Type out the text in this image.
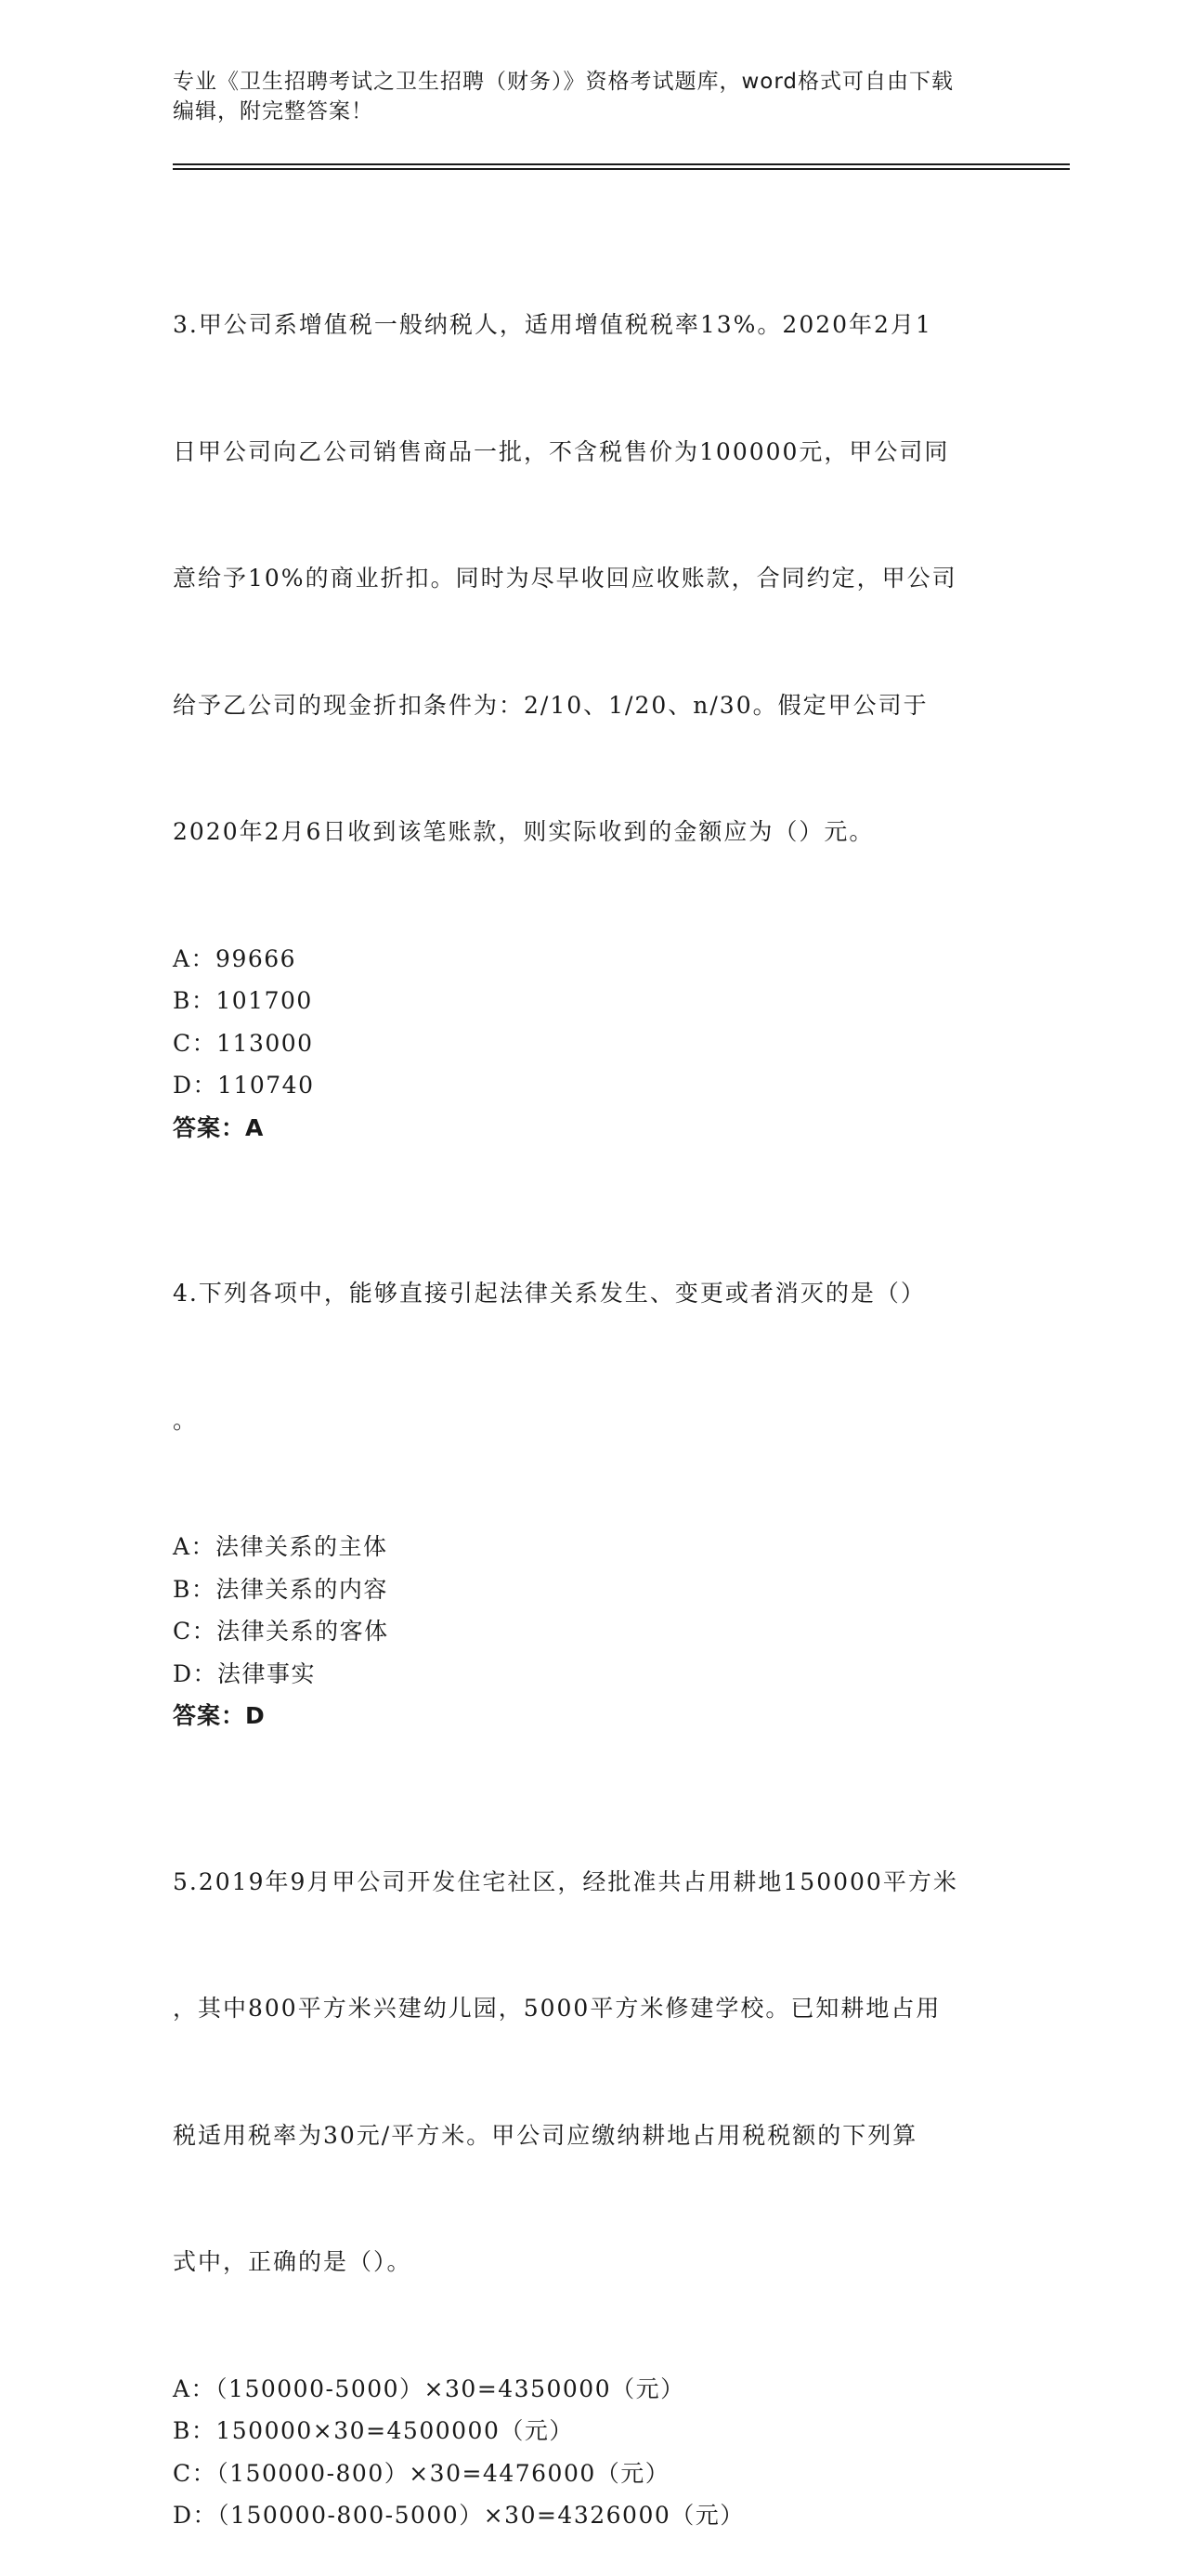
专业《卫生招聘考试之卫生招聘（财务）》资格考试题库，word格式可自由下载
编辑，附完整答案！

3.甲公司系增值税一般纳税人，适用增值税税率13%。2020年2月1

日甲公司向乙公司销售商品一批，不含税售价为100000元，甲公司同

意给予10%的商业折扣。同时为尽早收回应收账款，合同约定，甲公司

给予乙公司的现金折扣条件为：2/10、1/20、n/30。假定甲公司于

2020年2月6日收到该笔账款，则实际收到的金额应为（）元。

A：99666

B：101700

C：113000

D：110740

答案：A

4.下列各项中，能够直接引起法律关系发生、变更或者消灭的是（）

。

A：法律关系的主体

B：法律关系的内容

C：法律关系的客体

D：法律事实

答案：D

5.2019年9月甲公司开发住宅社区，经批准共占用耕地150000平方米

，其中800平方米兴建幼儿园，5000平方米修建学校。已知耕地占用

税适用税率为30元/平方米。甲公司应缴纳耕地占用税税额的下列算

式中，正确的是（）。

A：（150000-5000）×30=4350000（元）

B：150000×30=4500000（元）

C：（150000-800）×30=4476000（元）

D：（150000-800-5000）×30=4326000（元）
